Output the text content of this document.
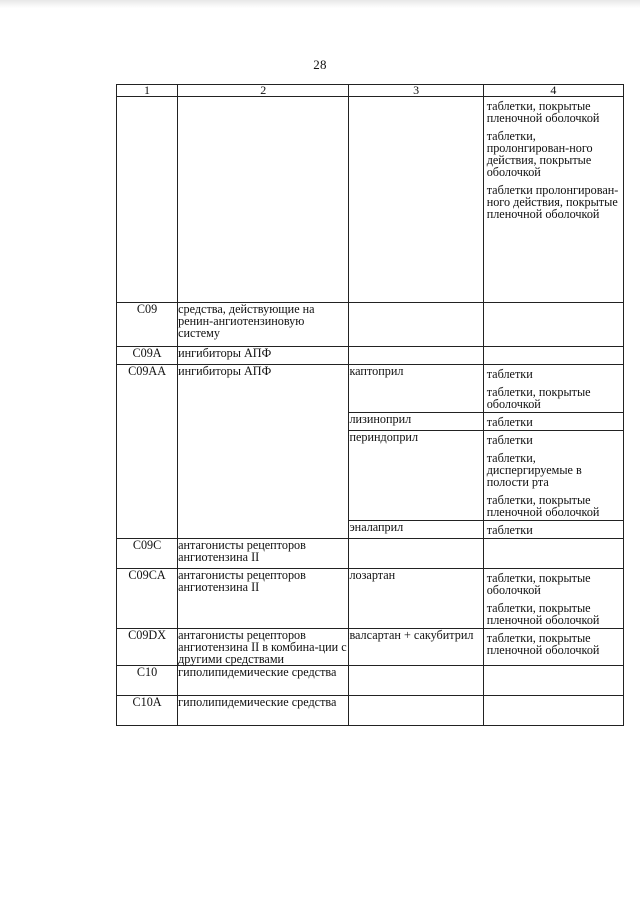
28
1	2	3	4

			таблетки, покрытые пленочной оболочкой
таблетки, пролонгирован-ного действия, покрытые оболочкой
таблетки пролонгирован-ного действия, покрытые пленочной оболочкой

C09	средства, действующие на ренин-ангиотензиновую систему		
C09A	ингибиторы АПФ		
C09AA	ингибиторы АПФ	каптоприл	таблетки
таблетки, покрытые оболочкой

		лизиноприл	таблетки

		периндоприл	таблетки
таблетки, диспергируемые в полости рта
таблетки, покрытые пленочной оболочкой

		эналаприл	таблетки

C09C	антагонисты рецепторов ангиотензина II		
C09CA	антагонисты рецепторов ангиотензина II	лозартан	таблетки, покрытые оболочкой
таблетки, покрытые пленочной оболочкой

C09DX	антагонисты рецепторов ангиотензина II в комбина-ции с другими средствами	валсартан + сакубитрил	таблетки, покрытые пленочной оболочкой

C10	гиполипидемические средства		
C10A	гиполипидемические средства		
